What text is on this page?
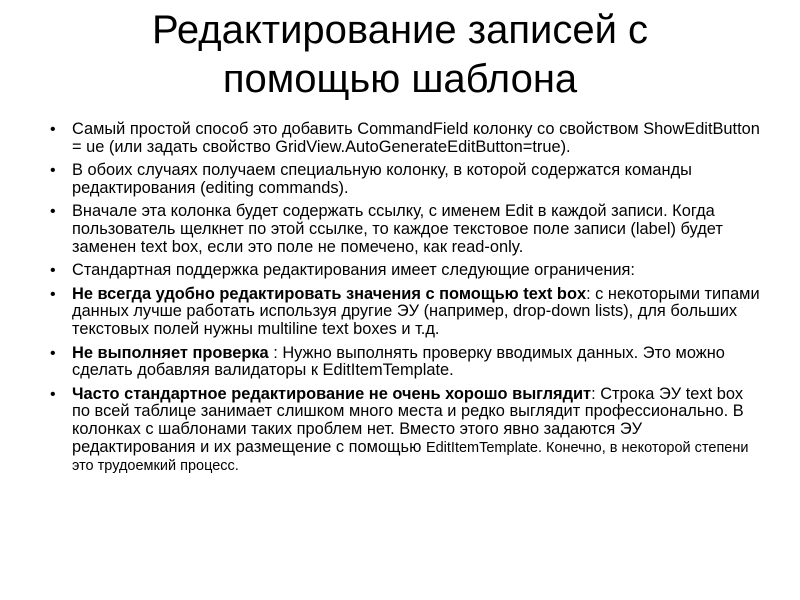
Редактирование записей с
помощью шаблона
• Самый простой способ это добавить CommandField колонку со свойством ShowEditButton = ue (или задать свойство GridView.AutoGenerateEditButton=true).
• В обоих случаях получаем специальную колонку, в которой содержатся команды редактирования (editing commands).
• Вначале эта колонка будет содержать ссылку, с именем Edit в каждой записи. Когда пользователь щелкнет по этой ссылке, то каждое текстовое поле записи (label) будет заменен text box, если это поле не помечено, как read-only.
• Стандартная поддержка редактирования имеет следующие ограничения:
• Не всегда удобно редактировать значения с помощью text box: с некоторыми типами данных лучше работать используя другие ЭУ (например, drop-down lists), для больших текстовых полей нужны multiline text boxes и т.д.
• Не выполняет проверка : Нужно выполнять проверку вводимых данных. Это можно сделать добавляя валидаторы к EditItemTemplate.
• Часто стандартное редактирование не очень хорошо выглядит: Строка ЭУ text box по всей таблице занимает слишком много места и редко выглядит профессионально. В колонках с шаблонами таких проблем нет. Вместо этого явно задаются ЭУ редактирования и их размещение с помощью EditItemTemplate. Конечно, в некоторой степени это трудоемкий процесс.
